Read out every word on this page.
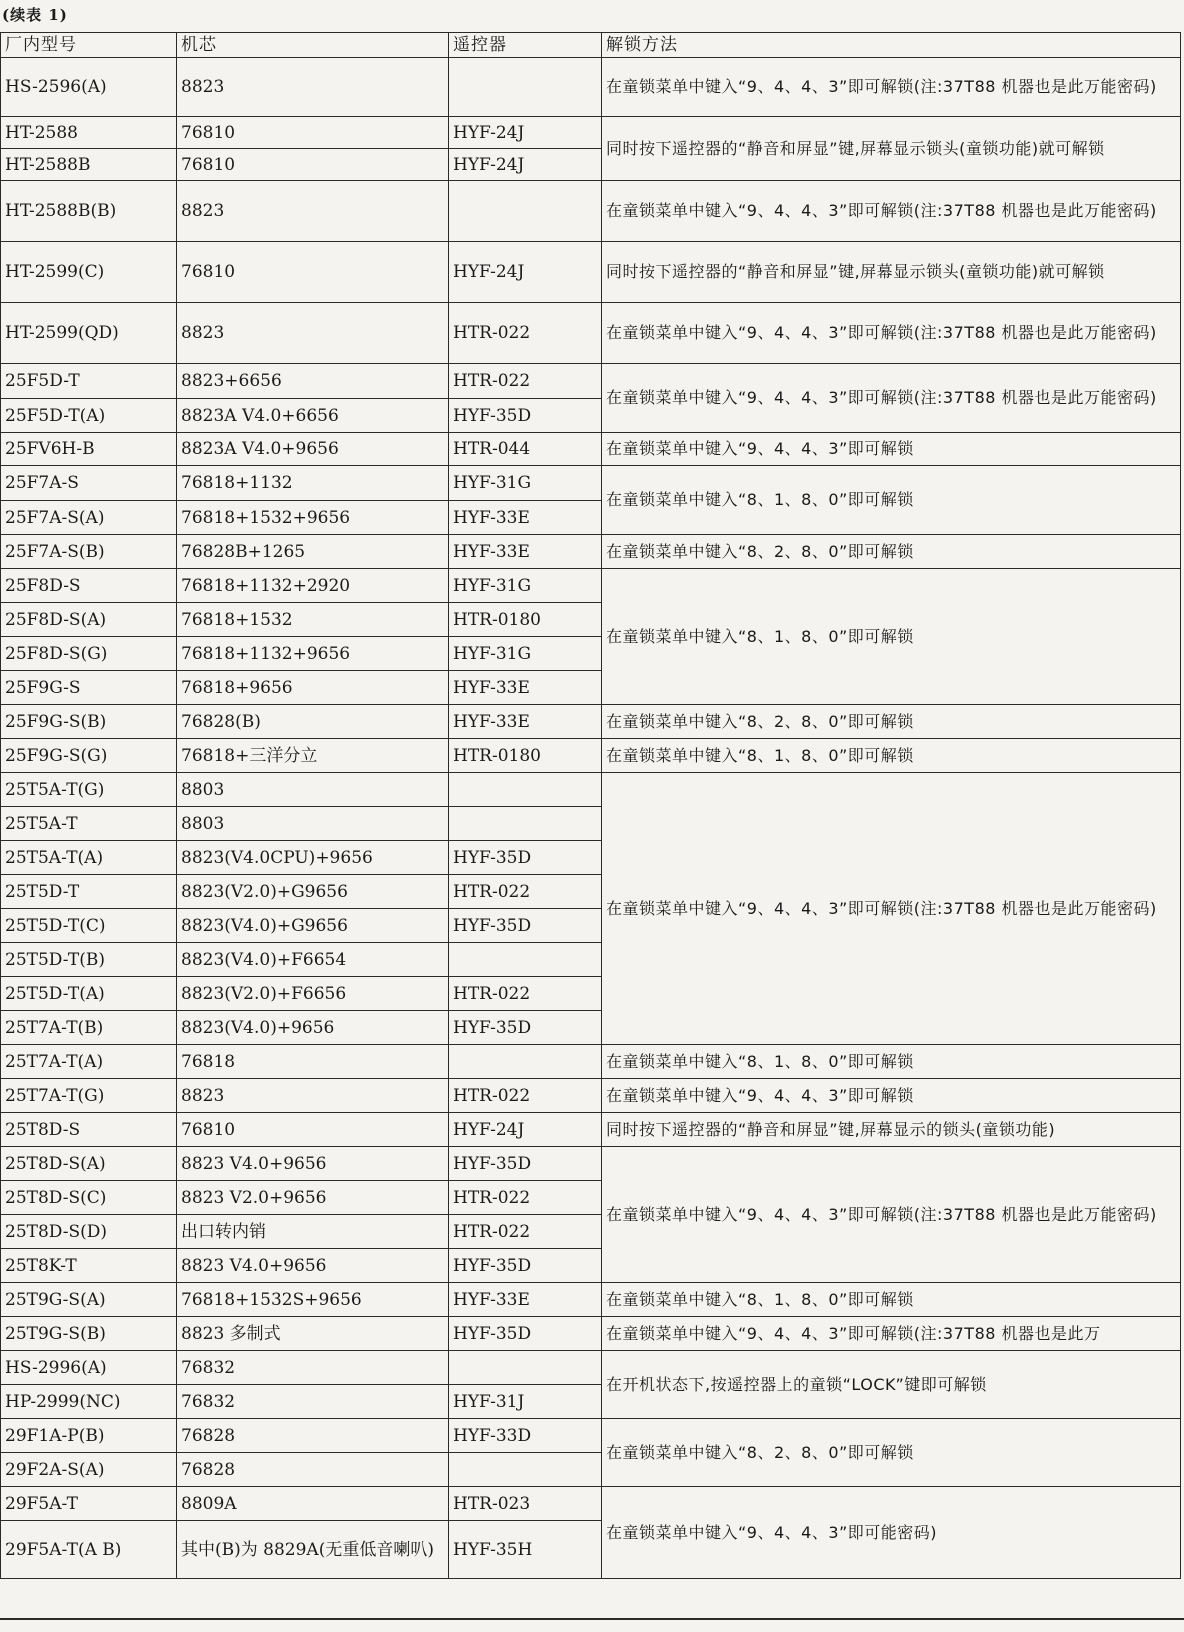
(续表 1)
厂内型号	机芯	遥控器	解锁方法
HS-2596(A)	8823		在童锁菜单中键入“9、4、4、3”即可解锁(注:37T88 机器也是此万能密码)
HT-2588	76810	HYF-24J	同时按下遥控器的“静音和屏显”键,屏幕显示锁头(童锁功能)就可解锁
HT-2588B	76810	HYF-24J	
HT-2588B(B)	8823		在童锁菜单中键入“9、4、4、3”即可解锁(注:37T88 机器也是此万能密码)
HT-2599(C)	76810	HYF-24J	同时按下遥控器的“静音和屏显”键,屏幕显示锁头(童锁功能)就可解锁
HT-2599(QD)	8823	HTR-022	在童锁菜单中键入“9、4、4、3”即可解锁(注:37T88 机器也是此万能密码)
25F5D-T	8823+6656	HTR-022	在童锁菜单中键入“9、4、4、3”即可解锁(注:37T88 机器也是此万能密码)
25F5D-T(A)	8823A V4.0+6656	HYF-35D	
25FV6H-B	8823A V4.0+9656	HTR-044	在童锁菜单中键入“9、4、4、3”即可解锁
25F7A-S	76818+1132	HYF-31G	在童锁菜单中键入“8、1、8、0”即可解锁
25F7A-S(A)	76818+1532+9656	HYF-33E	
25F7A-S(B)	76828B+1265	HYF-33E	在童锁菜单中键入“8、2、8、0”即可解锁
25F8D-S	76818+1132+2920	HYF-31G	在童锁菜单中键入“8、1、8、0”即可解锁
25F8D-S(A)	76818+1532	HTR-0180	
25F8D-S(G)	76818+1132+9656	HYF-31G	
25F9G-S	76818+9656	HYF-33E	
25F9G-S(B)	76828(B)	HYF-33E	在童锁菜单中键入“8、2、8、0”即可解锁
25F9G-S(G)	76818+三洋分立	HTR-0180	在童锁菜单中键入“8、1、8、0”即可解锁
25T5A-T(G)	8803		在童锁菜单中键入“9、4、4、3”即可解锁(注:37T88 机器也是此万能密码)
25T5A-T	8803		
25T5A-T(A)	8823(V4.0CPU)+9656	HYF-35D	
25T5D-T	8823(V2.0)+G9656	HTR-022	
25T5D-T(C)	8823(V4.0)+G9656	HYF-35D	
25T5D-T(B)	8823(V4.0)+F6654		
25T5D-T(A)	8823(V2.0)+F6656	HTR-022	
25T7A-T(B)	8823(V4.0)+9656	HYF-35D	
25T7A-T(A)	76818		在童锁菜单中键入“8、1、8、0”即可解锁
25T7A-T(G)	8823	HTR-022	在童锁菜单中键入“9、4、4、3”即可解锁
25T8D-S	76810	HYF-24J	同时按下遥控器的“静音和屏显”键,屏幕显示的锁头(童锁功能)
25T8D-S(A)	8823 V4.0+9656	HYF-35D	在童锁菜单中键入“9、4、4、3”即可解锁(注:37T88 机器也是此万能密码)
25T8D-S(C)	8823 V2.0+9656	HTR-022	
25T8D-S(D)	出口转内销	HTR-022	
25T8K-T	8823 V4.0+9656	HYF-35D	
25T9G-S(A)	76818+1532S+9656	HYF-33E	在童锁菜单中键入“8、1、8、0”即可解锁
25T9G-S(B)	8823 多制式	HYF-35D	在童锁菜单中键入“9、4、4、3”即可解锁(注:37T88 机器也是此万
HS-2996(A)	76832		在开机状态下,按遥控器上的童锁“LOCK”键即可解锁
HP-2999(NC)	76832	HYF-31J	
29F1A-P(B)	76828	HYF-33D	在童锁菜单中键入“8、2、8、0”即可解锁
29F2A-S(A)	76828		
29F5A-T	8809A	HTR-023	在童锁菜单中键入“9、4、4、3”即可能密码)
29F5A-T(A B)	其中(B)为 8829A(无重低音喇叭)	HYF-35H	
